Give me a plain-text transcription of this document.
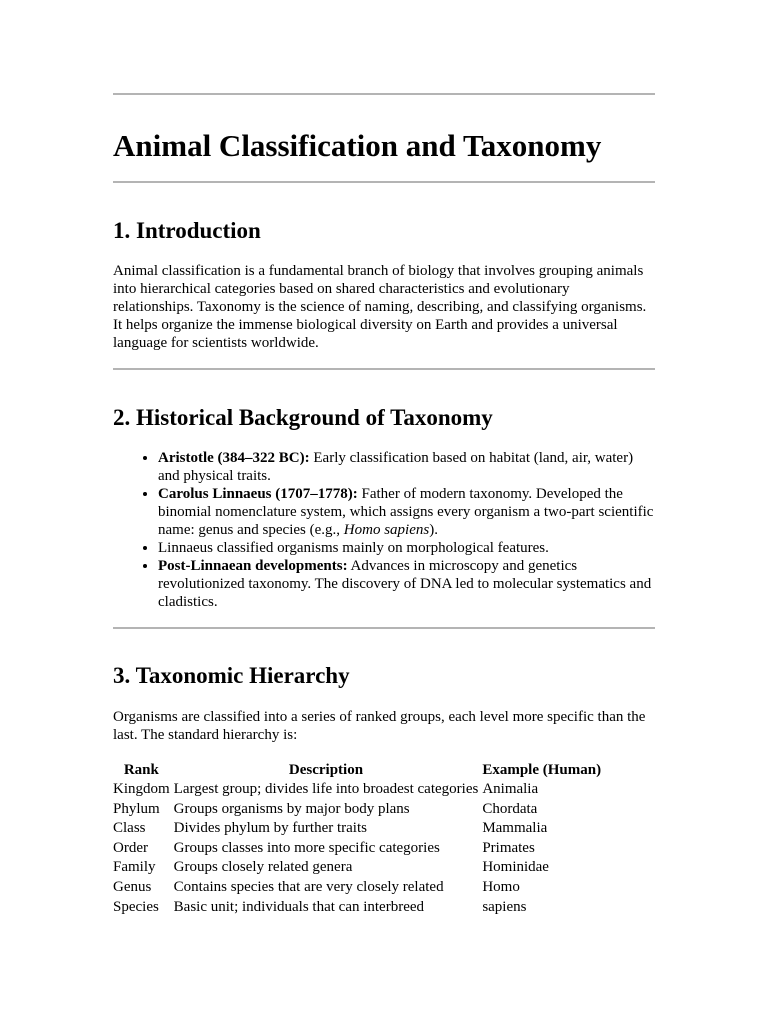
Animal Classification and Taxonomy
1. Introduction

Animal classification is a fundamental branch of biology that involves grouping animals into hierarchical categories based on shared characteristics and evolutionary relationships. Taxonomy is the science of naming, describing, and classifying organisms. It helps organize the immense biological diversity on Earth and provides a universal language for scientists worldwide.

2. Historical Background of Taxonomy
• Aristotle (384–322 BC): Early classification based on habitat (land, air, water) and physical traits.
• Carolus Linnaeus (1707–1778): Father of modern taxonomy. Developed the binomial nomenclature system, which assigns every organism a two-part scientific name: genus and species (e.g., Homo sapiens).
• Linnaeus classified organisms mainly on morphological features.
• Post-Linnaean developments: Advances in microscopy and genetics revolutionized taxonomy. The discovery of DNA led to molecular systematics and cladistics.
3. Taxonomic Hierarchy

Organisms are classified into a series of ranked groups, each level more specific than the last. The standard hierarchy is:

Rank	Description	Example (Human)
Kingdom	Largest group; divides life into broadest categories	Animalia
Phylum	Groups organisms by major body plans	Chordata
Class	Divides phylum by further traits	Mammalia
Order	Groups classes into more specific categories	Primates
Family	Groups closely related genera	Hominidae
Genus	Contains species that are very closely related	Homo
Species	Basic unit; individuals that can interbreed	sapiens
